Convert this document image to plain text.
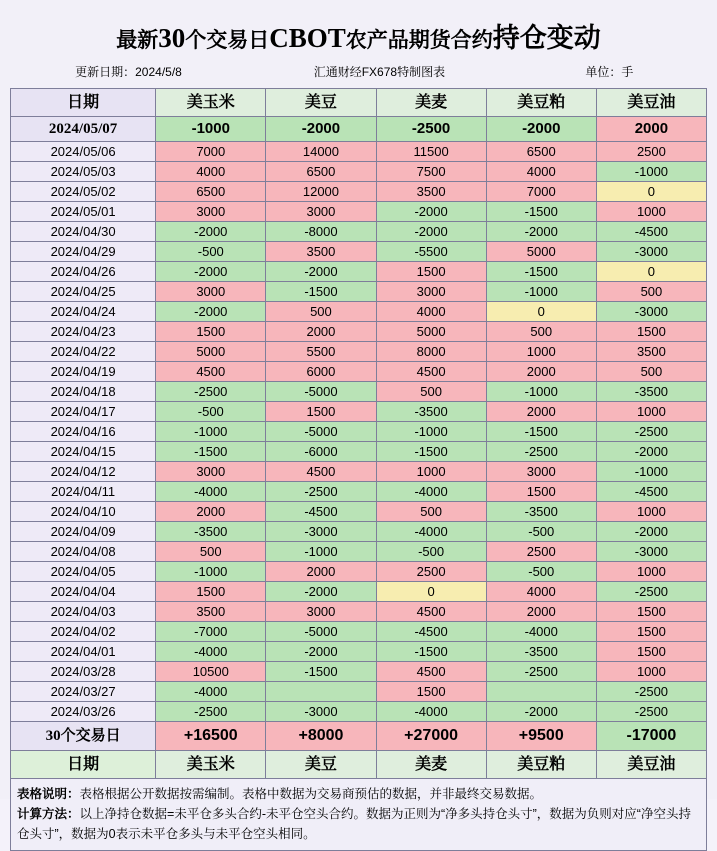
最新30个交易日CBOT农产品期货合约持仓变动
更新日期：2024/5/8	汇通财经FX678特制图表	单位：手
日期	美玉米	美豆	美麦	美豆粕	美豆油
2024/05/07	-1000	-2000	-2500	-2000	2000
2024/05/06	7000	14000	11500	6500	2500
2024/05/03	4000	6500	7500	4000	-1000
2024/05/02	6500	12000	3500	7000	0
2024/05/01	3000	3000	-2000	-1500	1000
2024/04/30	-2000	-8000	-2000	-2000	-4500
2024/04/29	-500	3500	-5500	5000	-3000
2024/04/26	-2000	-2000	1500	-1500	0
2024/04/25	3000	-1500	3000	-1000	500
2024/04/24	-2000	500	4000	0	-3000
2024/04/23	1500	2000	5000	500	1500
2024/04/22	5000	5500	8000	1000	3500
2024/04/19	4500	6000	4500	2000	500
2024/04/18	-2500	-5000	500	-1000	-3500
2024/04/17	-500	1500	-3500	2000	1000
2024/04/16	-1000	-5000	-1000	-1500	-2500
2024/04/15	-1500	-6000	-1500	-2500	-2000
2024/04/12	3000	4500	1000	3000	-1000
2024/04/11	-4000	-2500	-4000	1500	-4500
2024/04/10	2000	-4500	500	-3500	1000
2024/04/09	-3500	-3000	-4000	-500	-2000
2024/04/08	500	-1000	-500	2500	-3000
2024/04/05	-1000	2000	2500	-500	1000
2024/04/04	1500	-2000	0	4000	-2500
2024/04/03	3500	3000	4500	2000	1500
2024/04/02	-7000	-5000	-4500	-4000	1500
2024/04/01	-4000	-2000	-1500	-3500	1500
2024/03/28	10500	-1500	4500	-2500	1000
2024/03/27	-4000		1500		-2500
2024/03/26	-2500	-3000	-4000	-2000	-2500
30个交易日	+16500	+8000	+27000	+9500	-17000
日期	美玉米	美豆	美麦	美豆粕	美豆油
表格说明：表格根据公开数据按需编制。表格中数据为交易商预估的数据，并非最终交易数据。
计算方法：以上净持仓数据=未平仓多头合约-未平仓空头合约。数据为正则为“净多头持仓头寸”，数据为负则对应“净空头持仓头寸”，数据为0表示未平仓多头与未平仓空头相同。
